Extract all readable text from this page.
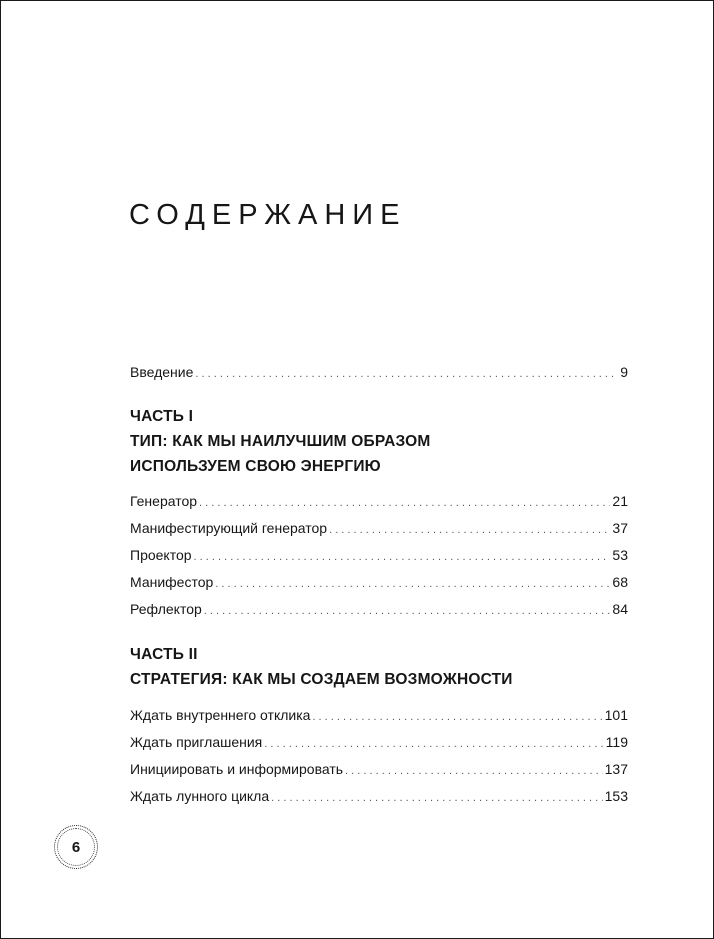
СОДЕРЖАНИЕ
Введение . . .	9
ЧАСТЬ I
ТИП: КАК МЫ НАИЛУЧШИМ ОБРАЗОМ
ИСПОЛЬЗУЕМ СВОЮ ЭНЕРГИЮ
Генератор . . .	21
Манифестирующий генератор . . .	37
Проектор . . .	53
Манифестор . . .	68
Рефлектор . . .	84
ЧАСТЬ II
СТРАТЕГИЯ: КАК МЫ СОЗДАЕМ ВОЗМОЖНОСТИ
Ждать внутреннего отклика . . .	101
Ждать приглашения . . .	119
Инициировать и информировать . . .	137
Ждать лунного цикла . . .	153
6
